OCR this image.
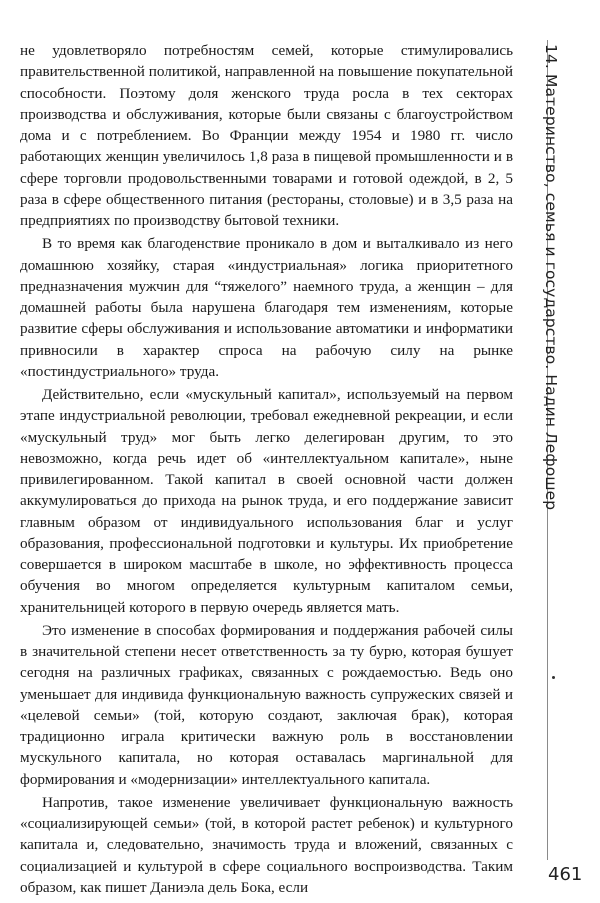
не удовлетворяло потребностям семей, которые стимулировались правительственной политикой, направленной на повышение покупательной способности. Поэтому доля женского труда росла в тех секторах производства и обслуживания, которые были связаны с благоустройством дома и с потреблением. Во Франции между 1954 и 1980 гг. число работающих женщин увеличилось 1,8 раза в пищевой промышленности и в сфере торговли продовольственными товарами и готовой одеждой, в 2, 5 раза в сфере общественного питания (рестораны, столовые) и в 3,5 раза на предприятиях по производству бытовой техники.

В то время как благоденствие проникало в дом и выталкивало из него домашнюю хозяйку, старая «индустриальная» логика приоритетного предназначения мужчин для “тяжелого” наемного труда, а женщин – для домашней работы была нарушена благодаря тем изменениям, которые развитие сферы обслуживания и использование автоматики и информатики привносили в характер спроса на рабочую силу на рынке «постиндустриального» труда.

Действительно, если «мускульный капитал», используемый на первом этапе индустриальной революции, требовал ежедневной рекреации, и если «мускульный труд» мог быть легко делегирован другим, то это невозможно, когда речь идет об «интеллектуальном капитале», ныне привилегированном. Такой капитал в своей основной части должен аккумулироваться до прихода на рынок труда, и его поддержание зависит главным образом от индивидуального использования благ и услуг образования, профессиональной подготовки и культуры. Их приобретение совершается в широком масштабе в школе, но эффективность процесса обучения во многом определяется культурным капиталом семьи, хранительницей которого в первую очередь является мать.

Это изменение в способах формирования и поддержания рабочей силы в значительной степени несет ответственность за ту бурю, которая бушует сегодня на различных графиках, связанных с рождаемостью. Ведь оно уменьшает для индивида функциональную важность супружеских связей и «целевой семьи» (той, которую создают, заключая брак), которая традиционно играла критически важную роль в восстановлении мускульного капитала, но которая оставалась маргинальной для формирования и «модернизации» интеллектуального капитала.

Напротив, такое изменение увеличивает функциональную важность «социализирующей семьи» (той, в которой растет ребенок) и культурного капитала и, следовательно, значимость труда и вложений, связанных с социализацией и культурой в сфере социального воспроизводства. Таким образом, как пишет Даниэла дель Бока, если

14. Материнство, семья и государство. Надин Лефошер
461
